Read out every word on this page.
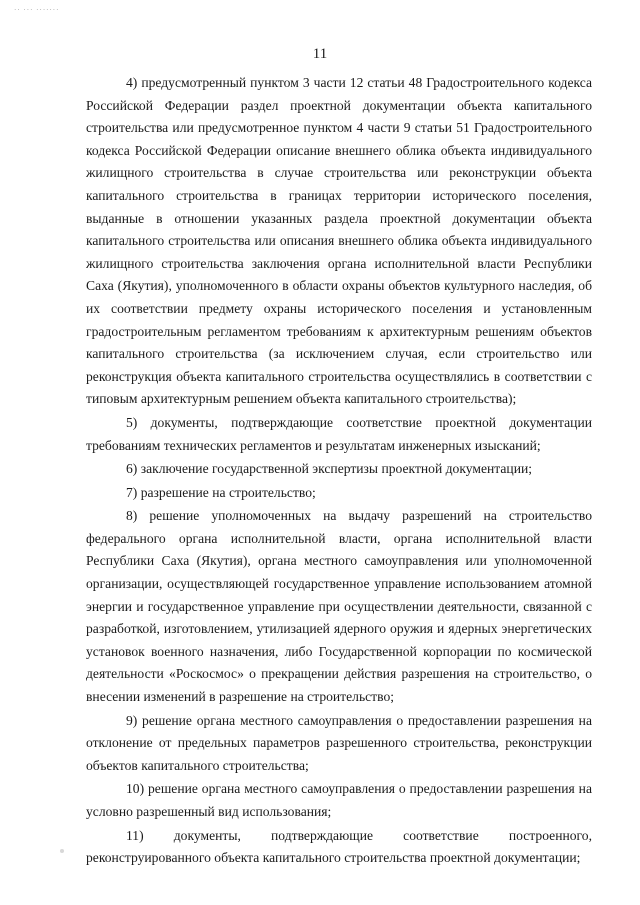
·· ··· ·······
11

4) предусмотренный пунктом 3 части 12 статьи 48 Градостроительного кодекса Российской Федерации раздел проектной документации объекта капитального строительства или предусмотренное пунктом 4 части 9 статьи 51 Градостроительного кодекса Российской Федерации описание внешнего облика объекта индивидуального жилищного строительства в случае строительства или реконструкции объекта капитального строительства в границах территории исторического поселения, выданные в отношении указанных раздела проектной документации объекта капитального строительства или описания внешнего облика объекта индивидуального жилищного строительства заключения органа исполнительной власти Республики Саха (Якутия), уполномоченного в области охраны объектов культурного наследия, об их соответствии предмету охраны исторического поселения и установленным градостроительным регламентом требованиям к архитектурным решениям объектов капитального строительства (за исключением случая, если строительство или реконструкция объекта капитального строительства осуществлялись в соответствии с типовым архитектурным решением объекта капитального строительства);

5) документы, подтверждающие соответствие проектной документации требованиям технических регламентов и результатам инженерных изысканий;

6) заключение государственной экспертизы проектной документации;

7) разрешение на строительство;

8) решение уполномоченных на выдачу разрешений на строительство федерального органа исполнительной власти, органа исполнительной власти Республики Саха (Якутия), органа местного самоуправления или уполномоченной организации, осуществляющей государственное управление использованием атомной энергии и государственное управление при осуществлении деятельности, связанной с разработкой, изготовлением, утилизацией ядерного оружия и ядерных энергетических установок военного назначения, либо Государственной корпорации по космической деятельности «Роскосмос» о прекращении действия разрешения на строительство, о внесении изменений в разрешение на строительство;

9) решение органа местного самоуправления о предоставлении разрешения на отклонение от предельных параметров разрешенного строительства, реконструкции объектов капитального строительства;

10) решение органа местного самоуправления о предоставлении разрешения на условно разрешенный вид использования;

11) документы, подтверждающие соответствие построенного, реконструированного объекта капитального строительства проектной документации;
